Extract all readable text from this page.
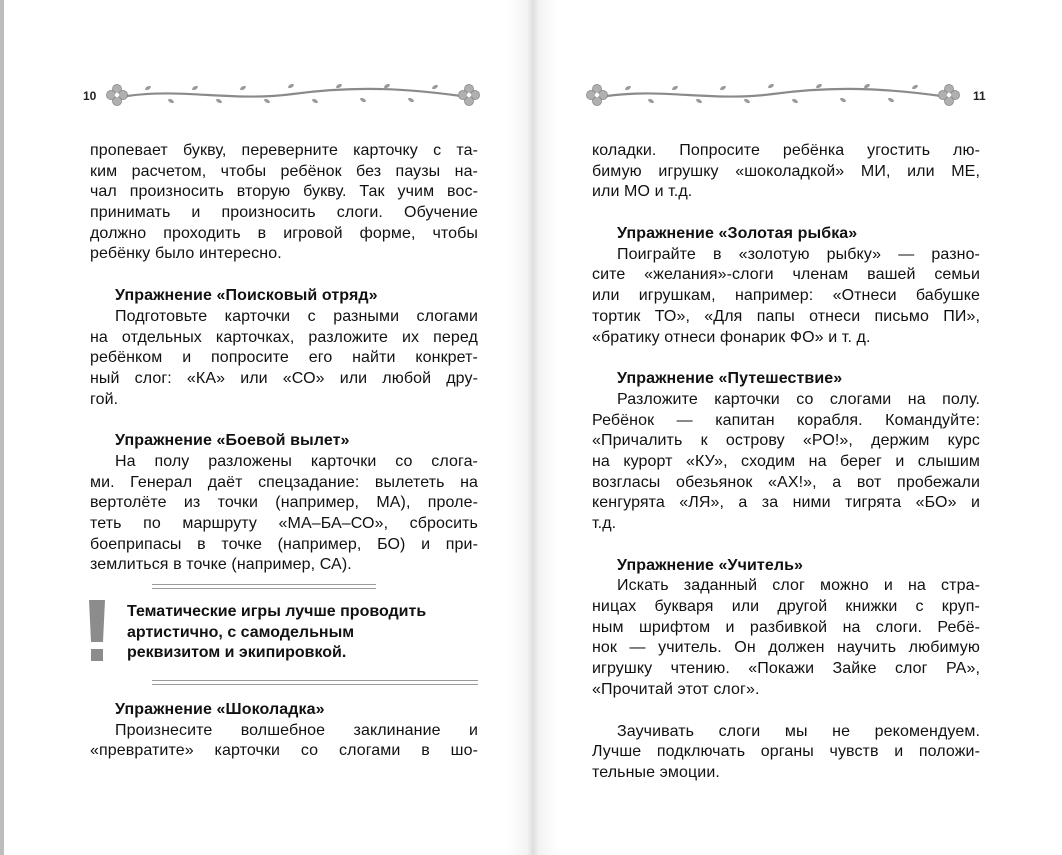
10
пропевает букву, переверните карточку с та-
ким расчетом, чтобы ребёнок без паузы на-
чал произносить вторую букву. Так учим вос-
принимать и произносить слоги. Обучение
должно проходить в игровой форме, чтобы
ребёнку было интересно.
Упражнение «Поисковый отряд»
Подготовьте карточки с разными слогами
на отдельных карточках, разложите их перед
ребёнком и попросите его найти конкрет-
ный слог: «КА» или «СО» или любой дру-
гой.
Упражнение «Боевой вылет»
На полу разложены карточки со слога-
ми. Генерал даёт спецзадание: вылететь на
вертолёте из точки (например, МА), проле-
теть по маршруту «МА–БА–СО», сбросить
боеприпасы в точке (например, БО) и при-
землиться в точке (например, СА).
Тематические игры лучше проводить
артистично, с самодельным
реквизитом и экипировкой.
Упражнение «Шоколадка»
Произнесите волшебное заклинание и
«превратите» карточки со слогами в шо-
11
коладки. Попросите ребёнка угостить лю-
бимую игрушку «шоколадкой» МИ, или МЕ,
или МО и т.д.
Упражнение «Золотая рыбка»
Поиграйте в «золотую рыбку» — разно-
сите «желания»-слоги членам вашей семьи
или игрушкам, например: «Отнеси бабушке
тортик ТО», «Для папы отнеси письмо ПИ»,
«братику отнеси фонарик ФО» и т. д.
Упражнение «Путешествие»
Разложите карточки со слогами на полу.
Ребёнок — капитан корабля. Командуйте:
«Причалить к острову «РО!», держим курс
на курорт «КУ», сходим на берег и слышим
возгласы обезьянок «АХ!», а вот пробежали
кенгурята «ЛЯ», а за ними тигрята «БО» и
т.д.
Упражнение «Учитель»
Искать заданный слог можно и на стра-
ницах букваря или другой книжки с круп-
ным шрифтом и разбивкой на слоги. Ребё-
нок — учитель. Он должен научить любимую
игрушку чтению. «Покажи Зайке слог РА»,
«Прочитай этот слог».
Заучивать слоги мы не рекомендуем.
Лучше подключать органы чувств и положи-
тельные эмоции.
